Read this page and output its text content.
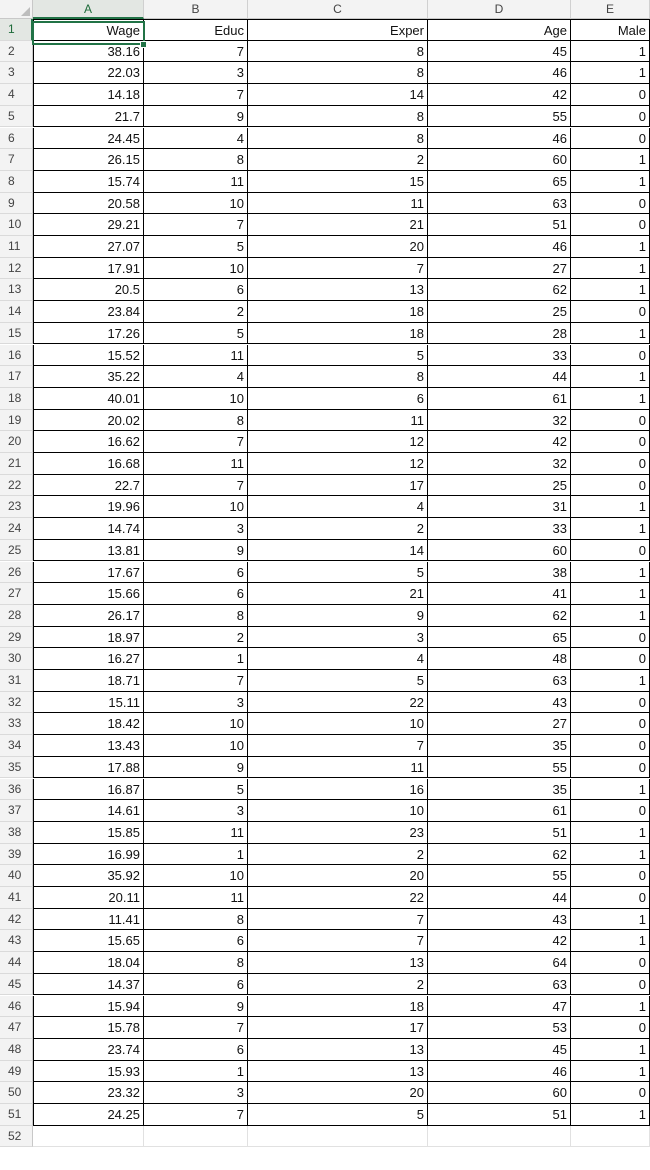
A	B	C	D	E
1
2
3
4
5
6
7
8
9
10
11
12
13
14
15
16
17
18
19
20
21
22
23
24
25
26
27
28
29
30
31
32
33
34
35
36
37
38
39
40
41
42
43
44
45
46
47
48
49
50
51
52
Wage	Educ	Exper	Age	Male
38.16	7	8	45	1
22.03	3	8	46	1
14.18	7	14	42	0
21.7	9	8	55	0
24.45	4	8	46	0
26.15	8	2	60	1
15.74	11	15	65	1
20.58	10	11	63	0
29.21	7	21	51	0
27.07	5	20	46	1
17.91	10	7	27	1
20.5	6	13	62	1
23.84	2	18	25	0
17.26	5	18	28	1
15.52	11	5	33	0
35.22	4	8	44	1
40.01	10	6	61	1
20.02	8	11	32	0
16.62	7	12	42	0
16.68	11	12	32	0
22.7	7	17	25	0
19.96	10	4	31	1
14.74	3	2	33	1
13.81	9	14	60	0
17.67	6	5	38	1
15.66	6	21	41	1
26.17	8	9	62	1
18.97	2	3	65	0
16.27	1	4	48	0
18.71	7	5	63	1
15.11	3	22	43	0
18.42	10	10	27	0
13.43	10	7	35	0
17.88	9	11	55	0
16.87	5	16	35	1
14.61	3	10	61	0
15.85	11	23	51	1
16.99	1	2	62	1
35.92	10	20	55	0
20.11	11	22	44	0
11.41	8	7	43	1
15.65	6	7	42	1
18.04	8	13	64	0
14.37	6	2	63	0
15.94	9	18	47	1
15.78	7	17	53	0
23.74	6	13	45	1
15.93	1	13	46	1
23.32	3	20	60	0
24.25	7	5	51	1
